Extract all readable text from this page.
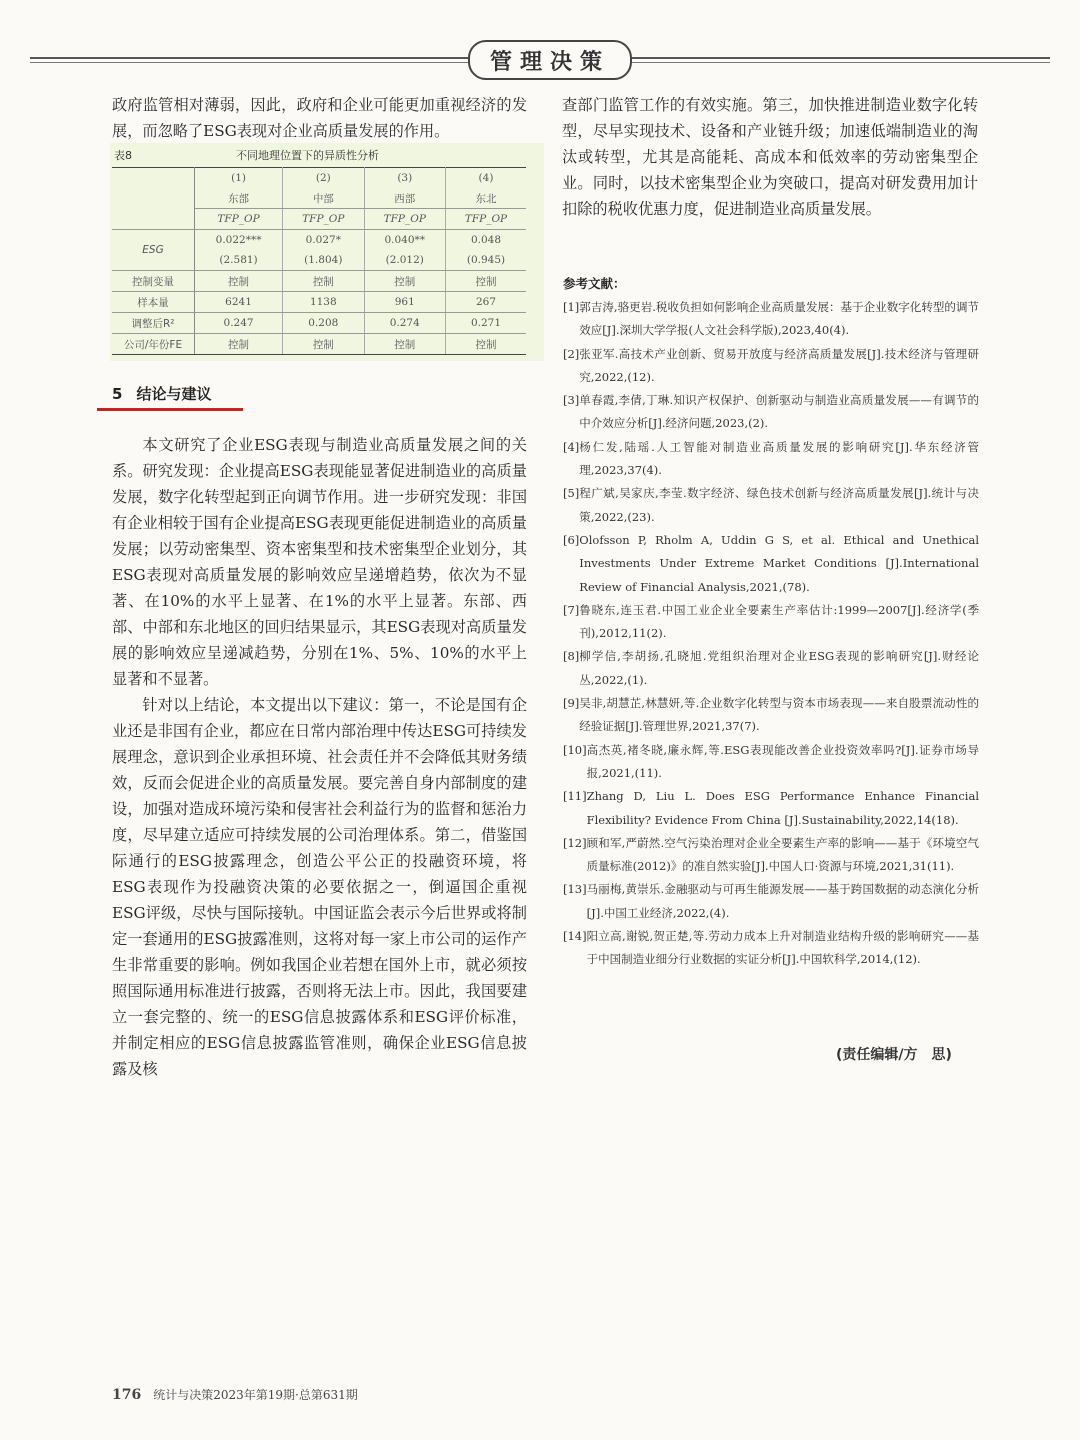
管理决策

政府监管相对薄弱，因此，政府和企业可能更加重视经济的发展，而忽略了ESG表现对企业高质量发展的作用。

表8	不同地理位置下的异质性分析
	(1)	(2)	(3)	(4)
	东部	中部	西部	东北
	TFP_OP	TFP_OP	TFP_OP	TFP_OP
ESG	0.022***	0.027*	0.040**	0.048
	(2.581)	(1.804)	(2.012)	(0.945)
控制变量	控制	控制	控制	控制
样本量	6241	1138	961	267
调整后R²	0.247	0.208	0.274	0.271
公司/年份FE	控制	控制	控制	控制
5 结论与建议

本文研究了企业ESG表现与制造业高质量发展之间的关系。研究发现：企业提高ESG表现能显著促进制造业的高质量发展，数字化转型起到正向调节作用。进一步研究发现：非国有企业相较于国有企业提高ESG表现更能促进制造业的高质量发展；以劳动密集型、资本密集型和技术密集型企业划分，其ESG表现对高质量发展的影响效应呈递增趋势，依次为不显著、在10%的水平上显著、在1%的水平上显著。东部、西部、中部和东北地区的回归结果显示，其ESG表现对高质量发展的影响效应呈递减趋势，分别在1%、5%、10%的水平上显著和不显著。

针对以上结论，本文提出以下建议：第一，不论是国有企业还是非国有企业，都应在日常内部治理中传达ESG可持续发展理念，意识到企业承担环境、社会责任并不会降低其财务绩效，反而会促进企业的高质量发展。要完善自身内部制度的建设，加强对造成环境污染和侵害社会利益行为的监督和惩治力度，尽早建立适应可持续发展的公司治理体系。第二，借鉴国际通行的ESG披露理念，创造公平公正的投融资环境，将ESG表现作为投融资决策的必要依据之一，倒逼国企重视ESG评级，尽快与国际接轨。中国证监会表示今后世界或将制定一套通用的ESG披露准则，这将对每一家上市公司的运作产生非常重要的影响。例如我国企业若想在国外上市，就必须按照国际通用标准进行披露，否则将无法上市。因此，我国要建立一套完整的、统一的ESG信息披露体系和ESG评价标准，并制定相应的ESG信息披露监管准则，确保企业ESG信息披露及核

查部门监管工作的有效实施。第三，加快推进制造业数字化转型，尽早实现技术、设备和产业链升级；加速低端制造业的淘汰或转型，尤其是高能耗、高成本和低效率的劳动密集型企业。同时，以技术密集型企业为突破口，提高对研发费用加计扣除的税收优惠力度，促进制造业高质量发展。

参考文献：
[1] 郭吉涛,骆更岩.税收负担如何影响企业高质量发展：基于企业数字化转型的调节效应[J].深圳大学学报(人文社会科学版),2023,40(4).
[2] 张亚军.高技术产业创新、贸易开放度与经济高质量发展[J].技术经济与管理研究,2022,(12).
[3] 单春霞,李倩,丁琳.知识产权保护、创新驱动与制造业高质量发展——有调节的中介效应分析[J].经济问题,2023,(2).
[4] 杨仁发,陆瑶.人工智能对制造业高质量发展的影响研究[J].华东经济管理,2023,37(4).
[5] 程广斌,吴家庆,李莹.数字经济、绿色技术创新与经济高质量发展[J].统计与决策,2022,(23).
[6] Olofsson P, Rholm A, Uddin G S, et al. Ethical and Unethical Investments Under Extreme Market Conditions [J].International Review of Financial Analysis,2021,(78).
[7] 鲁晓东,连玉君.中国工业企业全要素生产率估计:1999—2007[J].经济学(季刊),2012,11(2).
[8] 柳学信,李胡扬,孔晓旭.党组织治理对企业ESG表现的影响研究[J].财经论丛,2022,(1).
[9] 吴非,胡慧芷,林慧妍,等.企业数字化转型与资本市场表现——来自股票流动性的经验证据[J].管理世界,2021,37(7).
[10] 高杰英,褚冬晓,廉永辉,等.ESG表现能改善企业投资效率吗?[J].证券市场导报,2021,(11).
[11] Zhang D, Liu L. Does ESG Performance Enhance Financial Flexibility? Evidence From China [J].Sustainability,2022,14(18).
[12] 顾和军,严蔚然.空气污染治理对企业全要素生产率的影响——基于《环境空气质量标准(2012)》的准自然实验[J].中国人口·资源与环境,2021,31(11).
[13] 马丽梅,黄崇乐.金融驱动与可再生能源发展——基于跨国数据的动态演化分析[J].中国工业经济,2022,(4).
[14] 阳立高,谢锐,贺正楚,等.劳动力成本上升对制造业结构升级的影响研究——基于中国制造业细分行业数据的实证分析[J].中国软科学,2014,(12).
(责任编辑/方　思)
176 统计与决策2023年第19期·总第631期
